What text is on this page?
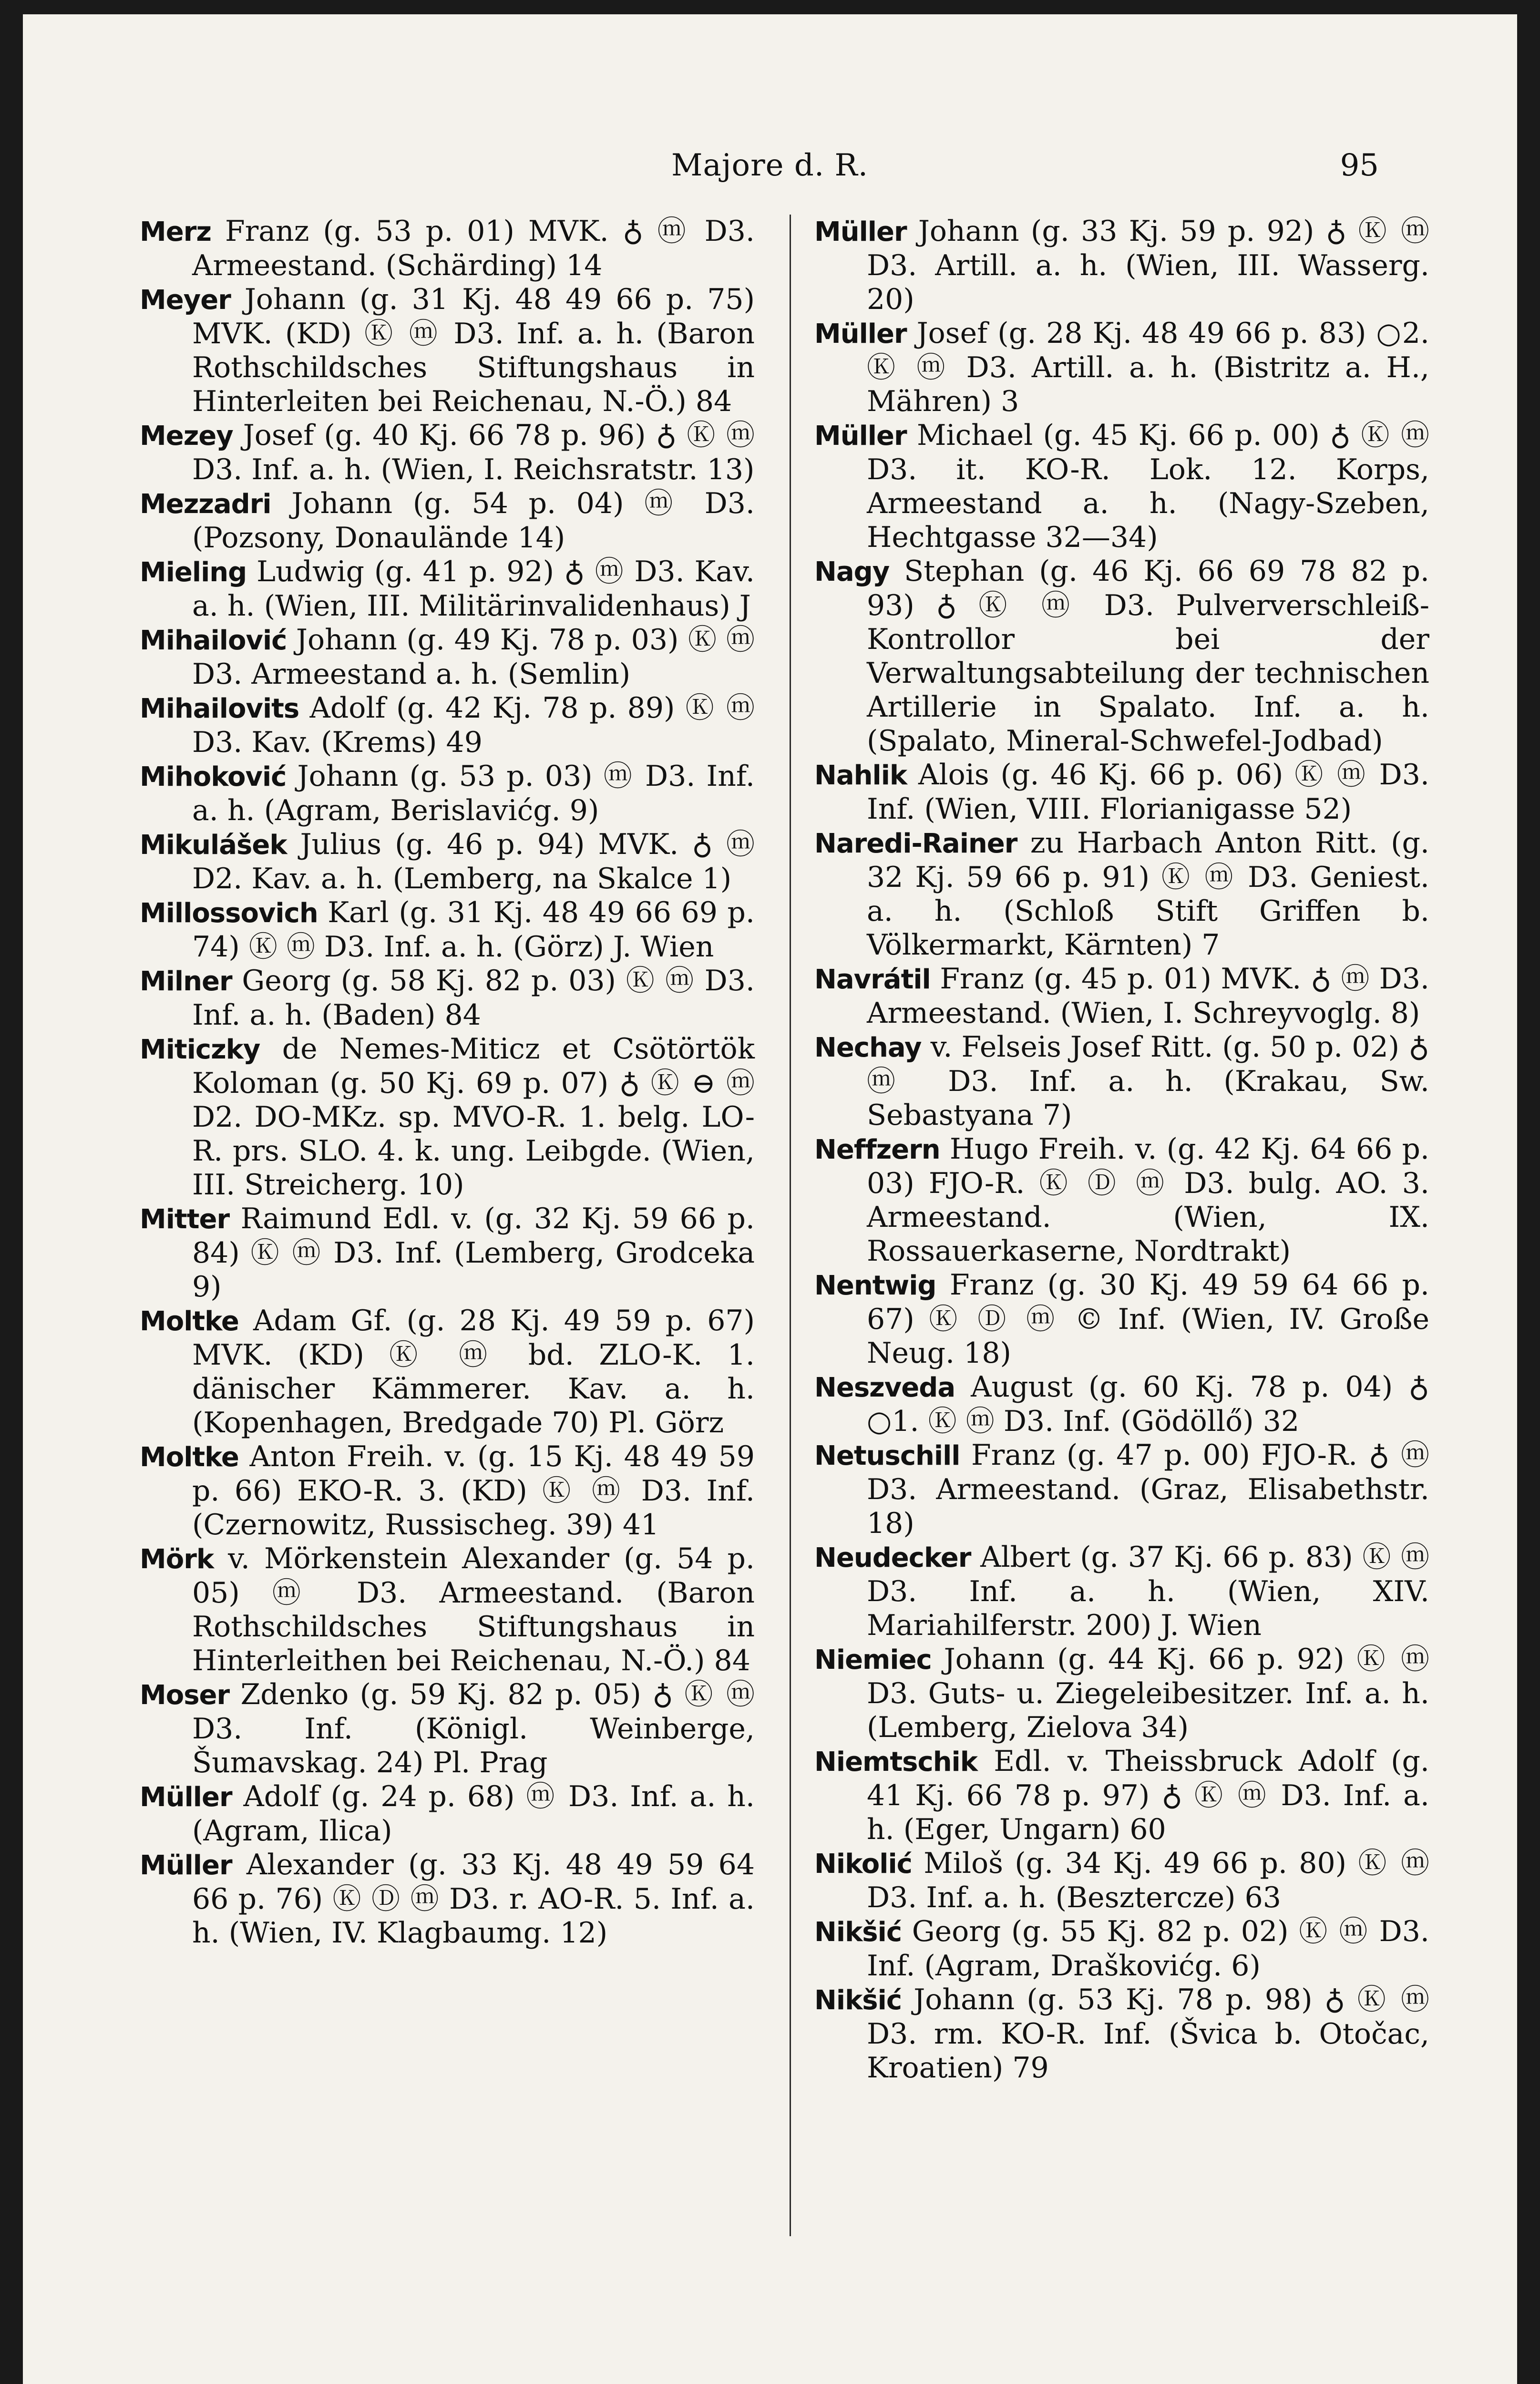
Majore d. R.	95

Merz Franz (g. 53 p. 01) MVK. ♁ ⓜ D3. Armeestand. (Schärding) 14

Meyer Johann (g. 31 Kj. 48 49 66 p. 75) MVK. (KD) Ⓚ ⓜ D3. Inf. a. h. (Baron Rothschildsches Stiftungshaus in Hinterleiten bei Reichenau, N.-Ö.) 84

Mezey Josef (g. 40 Kj. 66 78 p. 96) ♁ Ⓚ ⓜ D3. Inf. a. h. (Wien, I. Reichsratstr. 13)

Mezzadri Johann (g. 54 p. 04) ⓜ D3. (Pozsony, Donaulände 14)

Mieling Ludwig (g. 41 p. 92) ♁ ⓜ D3. Kav. a. h. (Wien, III. Militärinvalidenhaus) J

Mihailović Johann (g. 49 Kj. 78 p. 03) Ⓚ ⓜ D3. Armeestand a. h. (Semlin)

Mihailovits Adolf (g. 42 Kj. 78 p. 89) Ⓚ ⓜ D3. Kav. (Krems) 49

Mihoković Johann (g. 53 p. 03) ⓜ D3. Inf. a. h. (Agram, Berislavićg. 9)

Mikulášek Julius (g. 46 p. 94) MVK. ♁ ⓜ D2. Kav. a. h. (Lemberg, na Skalce 1)

Millossovich Karl (g. 31 Kj. 48 49 66 69 p. 74) Ⓚ ⓜ D3. Inf. a. h. (Görz) J. Wien

Milner Georg (g. 58 Kj. 82 p. 03) Ⓚ ⓜ D3. Inf. a. h. (Baden) 84

Miticzky de Nemes-Miticz et Csötörtök Koloman (g. 50 Kj. 69 p. 07) ♁ Ⓚ ⊖ ⓜ D2. DO-MKz. sp. MVO-R. 1. belg. LO-R. prs. SLO. 4. k. ung. Leibgde. (Wien, III. Streicherg. 10)

Mitter Raimund Edl. v. (g. 32 Kj. 59 66 p. 84) Ⓚ ⓜ D3. Inf. (Lemberg, Grodceka 9)

Moltke Adam Gf. (g. 28 Kj. 49 59 p. 67) MVK. (KD) Ⓚ ⓜ bd. ZLO-K. 1. dänischer Kämmerer. Kav. a. h. (Kopenhagen, Bredgade 70) Pl. Görz

Moltke Anton Freih. v. (g. 15 Kj. 48 49 59 p. 66) EKO-R. 3. (KD) Ⓚ ⓜ D3. Inf. (Czernowitz, Russischeg. 39) 41

Mörk v. Mörkenstein Alexander (g. 54 p. 05) ⓜ D3. Armeestand. (Baron Rothschildsches Stiftungshaus in Hinterleithen bei Reichenau, N.-Ö.) 84

Moser Zdenko (g. 59 Kj. 82 p. 05) ♁ Ⓚ ⓜ D3. Inf. (Königl. Weinberge, Šumavskag. 24) Pl. Prag

Müller Adolf (g. 24 p. 68) ⓜ D3. Inf. a. h. (Agram, Ilica)

Müller Alexander (g. 33 Kj. 48 49 59 64 66 p. 76) Ⓚ Ⓓ ⓜ D3. r. AO-R. 5. Inf. a. h. (Wien, IV. Klagbaumg. 12)

Müller Johann (g. 33 Kj. 59 p. 92) ♁ Ⓚ ⓜ D3. Artill. a. h. (Wien, III. Wasserg. 20)

Müller Josef (g. 28 Kj. 48 49 66 p. 83) ○2. Ⓚ ⓜ D3. Artill. a. h. (Bistritz a. H., Mähren) 3

Müller Michael (g. 45 Kj. 66 p. 00) ♁ Ⓚ ⓜ D3. it. KO-R. Lok. 12. Korps, Armeestand a. h. (Nagy-Szeben, Hechtgasse 32—34)

Nagy Stephan (g. 46 Kj. 66 69 78 82 p. 93) ♁ Ⓚ ⓜ D3. Pulververschleiß-Kontrollor bei der Verwaltungsabteilung der technischen Artillerie in Spalato. Inf. a. h. (Spalato, Mineral-Schwefel-Jodbad)

Nahlik Alois (g. 46 Kj. 66 p. 06) Ⓚ ⓜ D3. Inf. (Wien, VIII. Florianigasse 52)

Naredi-Rainer zu Harbach Anton Ritt. (g. 32 Kj. 59 66 p. 91) Ⓚ ⓜ D3. Geniest. a. h. (Schloß Stift Griffen b. Völkermarkt, Kärnten) 7

Navrátil Franz (g. 45 p. 01) MVK. ♁ ⓜ D3. Armeestand. (Wien, I. Schreyvoglg. 8)

Nechay v. Felseis Josef Ritt. (g. 50 p. 02) ♁ ⓜ D3. Inf. a. h. (Krakau, Sw. Sebastyana 7)

Neffzern Hugo Freih. v. (g. 42 Kj. 64 66 p. 03) FJO-R. Ⓚ Ⓓ ⓜ D3. bulg. AO. 3. Armeestand. (Wien, IX. Rossauerkaserne, Nordtrakt)

Nentwig Franz (g. 30 Kj. 49 59 64 66 p. 67) Ⓚ Ⓓ ⓜ © Inf. (Wien, IV. Große Neug. 18)

Neszveda August (g. 60 Kj. 78 p. 04) ♁ ○1. Ⓚ ⓜ D3. Inf. (Gödöllő) 32

Netuschill Franz (g. 47 p. 00) FJO-R. ♁ ⓜ D3. Armeestand. (Graz, Elisabethstr. 18)

Neudecker Albert (g. 37 Kj. 66 p. 83) Ⓚ ⓜ D3. Inf. a. h. (Wien, XIV. Mariahilferstr. 200) J. Wien

Niemiec Johann (g. 44 Kj. 66 p. 92) Ⓚ ⓜ D3. Guts- u. Ziegeleibesitzer. Inf. a. h. (Lemberg, Zielova 34)

Niemtschik Edl. v. Theissbruck Adolf (g. 41 Kj. 66 78 p. 97) ♁ Ⓚ ⓜ D3. Inf. a. h. (Eger, Ungarn) 60

Nikolić Miloš (g. 34 Kj. 49 66 p. 80) Ⓚ ⓜ D3. Inf. a. h. (Besztercze) 63

Nikšić Georg (g. 55 Kj. 82 p. 02) Ⓚ ⓜ D3. Inf. (Agram, Draškovićg. 6)

Nikšić Johann (g. 53 Kj. 78 p. 98) ♁ Ⓚ ⓜ D3. rm. KO-R. Inf. (Švica b. Otočac, Kroatien) 79
